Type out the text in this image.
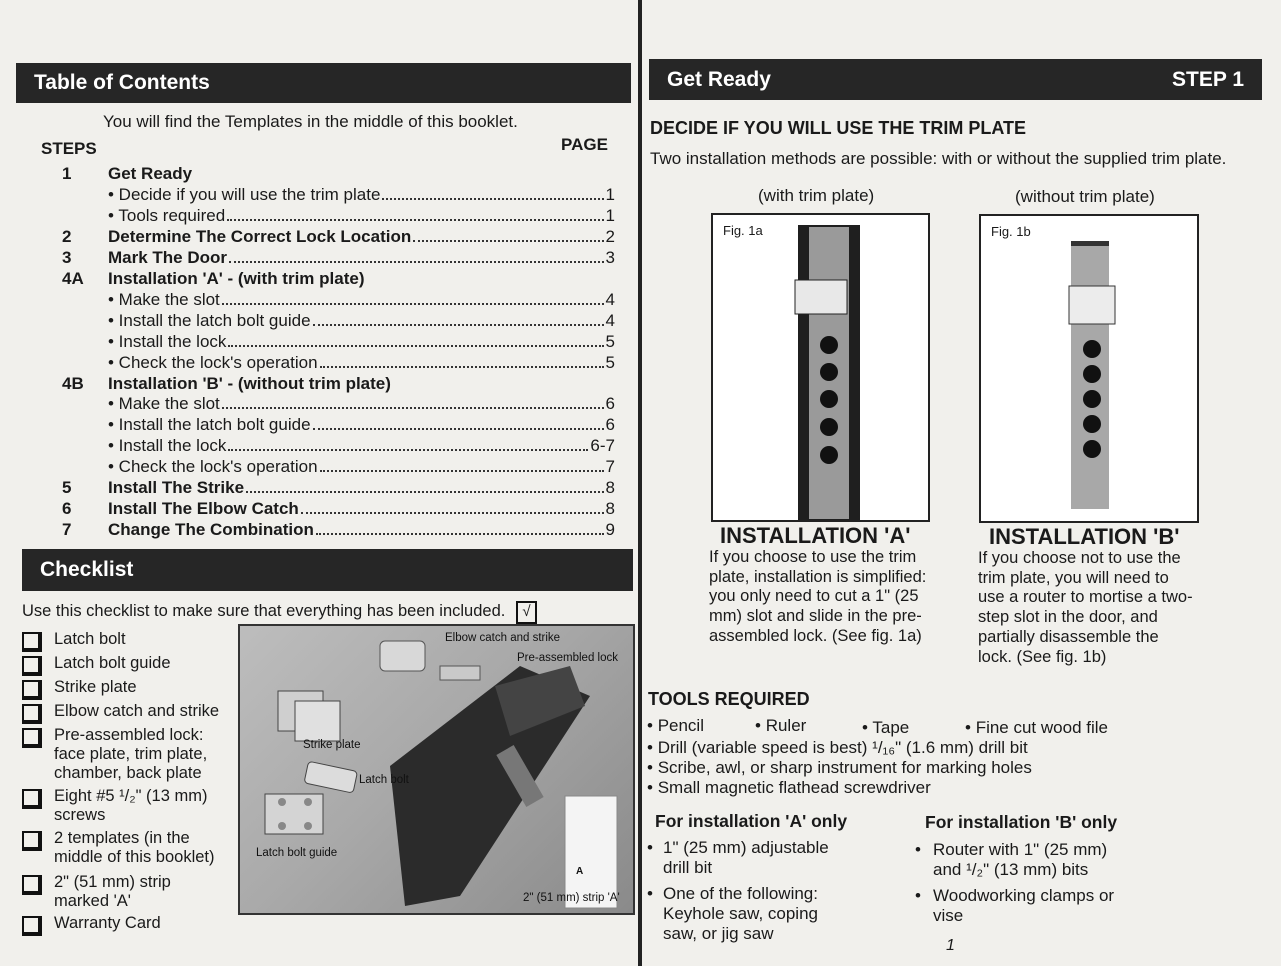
Table of Contents
You will find the Templates in the middle of this booklet.
STEPS	PAGE
1	Get Ready
• Decide if you will use the trim plate	1
• Tools required	1
2	Determine The Correct Lock Location	2
3	Mark The Door	3
4A	Installation 'A' - (with trim plate)
• Make the slot	4
• Install the latch bolt guide	4
• Install the lock	5
• Check the lock's operation	5
4B	Installation 'B' - (without trim plate)
• Make the slot	6
• Install the latch bolt guide	6
• Install the lock	6-7
• Check the lock's operation	7
5	Install The Strike	8
6	Install The Elbow Catch	8
7	Change The Combination	9
Checklist
Use this checklist to make sure that everything has been included. √
Latch bolt
Latch bolt guide
Strike plate
Elbow catch and strike
Pre-assembled lock: face plate, trim plate, chamber, back plate
Eight #5 ¹/₂" (13 mm) screws
2 templates (in the middle of this booklet)
2" (51 mm) strip marked 'A'
Warranty Card
Elbow catch and strike
Pre-assembled lock
Strike plate
Latch bolt
Latch bolt guide
A
2" (51 mm) strip 'A'
Get Ready	STEP 1
DECIDE IF YOU WILL USE THE TRIM PLATE
Two installation methods are possible: with or without the supplied trim plate.
(with trim plate)	(without trim plate)
Fig. 1a	Fig. 1b
INSTALLATION 'A'
If you choose to use the trim plate, installation is simplified: you only need to cut a 1" (25 mm) slot and slide in the pre-assembled lock. (See fig. 1a)
INSTALLATION 'B'
If you choose not to use the trim plate, you will need to use a router to mortise a two-step slot in the door, and partially disassemble the lock. (See fig. 1b)
TOOLS REQUIRED
• Pencil	• Ruler	• Tape	• Fine cut wood file
• Drill (variable speed is best) ¹/₁₆" (1.6 mm) drill bit
• Scribe, awl, or sharp instrument for marking holes
• Small magnetic flathead screwdriver
For installation 'A' only
• 1" (25 mm) adjustable drill bit
• One of the following: Keyhole saw, coping saw, or jig saw
For installation 'B' only
• Router with 1" (25 mm) and ¹/₂" (13 mm) bits
• Woodworking clamps or vise
1
